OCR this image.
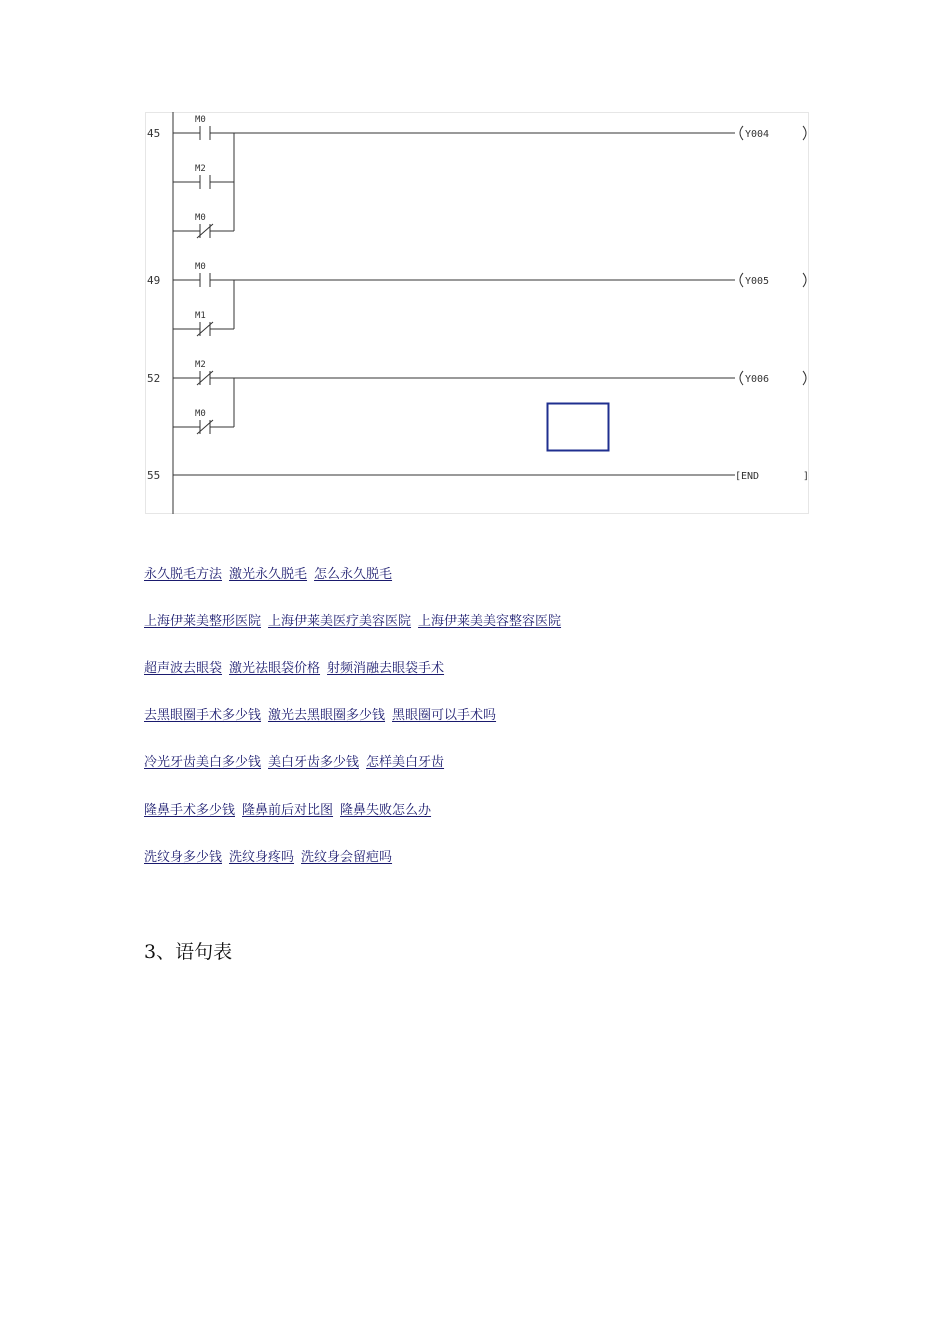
45
M0
M2
M0
Y004
49
M0
M1
Y005
52
M2
M0
Y006
55	[END	]
永久脱毛方法 激光永久脱毛 怎么永久脱毛
上海伊莱美整形医院 上海伊莱美医疗美容医院 上海伊莱美美容整容医院
超声波去眼袋 激光祛眼袋价格 射频消融去眼袋手术
去黑眼圈手术多少钱 激光去黑眼圈多少钱 黑眼圈可以手术吗
冷光牙齿美白多少钱 美白牙齿多少钱 怎样美白牙齿
隆鼻手术多少钱 隆鼻前后对比图 隆鼻失败怎么办
洗纹身多少钱 洗纹身疼吗 洗纹身会留疤吗
3、语句表
